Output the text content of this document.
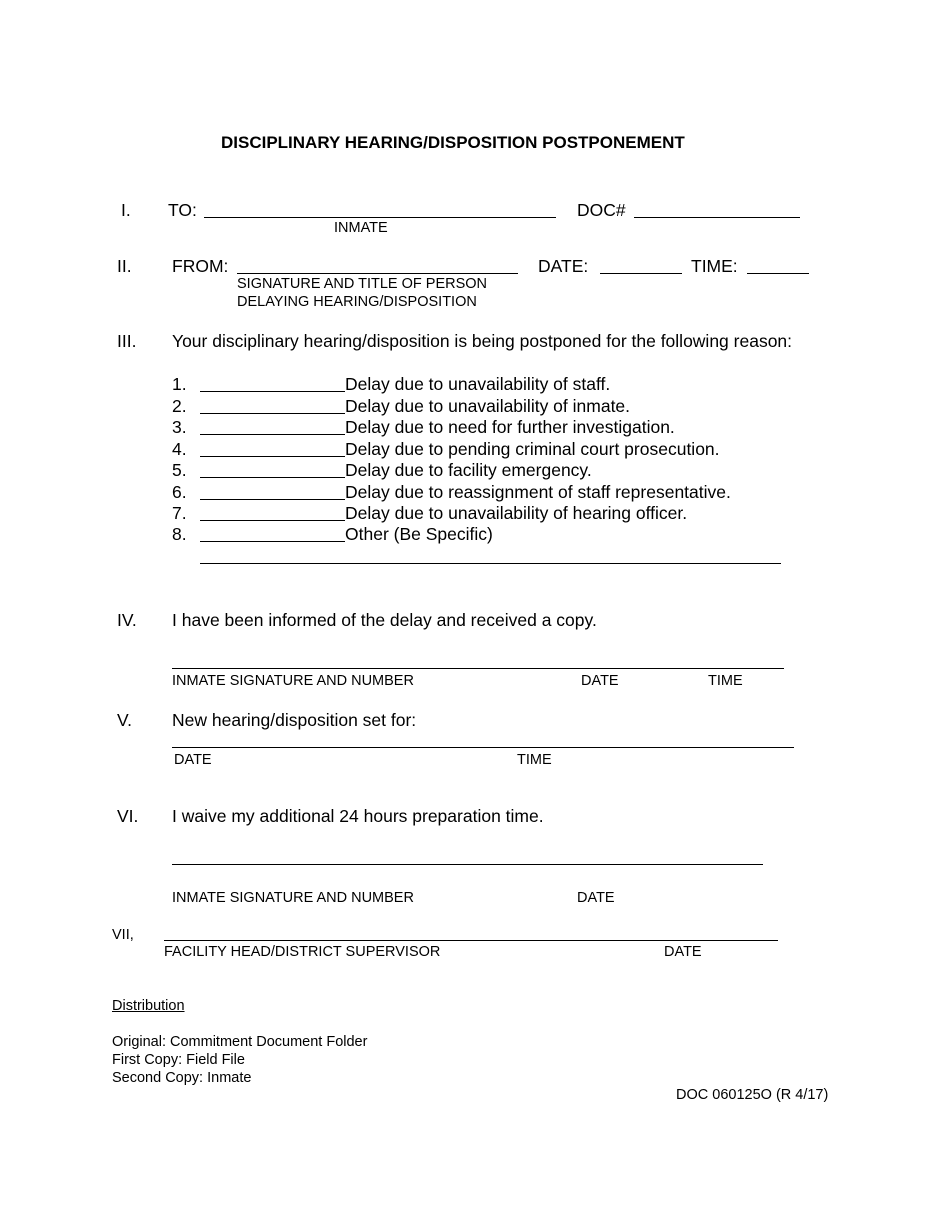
DISCIPLINARY HEARING/DISPOSITION POSTPONEMENT
I. TO:
INMATE
DOC#
II. FROM:
SIGNATURE AND TITLE OF PERSON
DELAYING HEARING/DISPOSITION
DATE:	TIME:
III. Your disciplinary hearing/disposition is being postponed for the following reason:
1.	Delay due to unavailability of staff.
2.	Delay due to unavailability of inmate.
3.	Delay due to need for further investigation.
4.	Delay due to pending criminal court prosecution.
5.	Delay due to facility emergency.
6.	Delay due to reassignment of staff representative.
7.	Delay due to unavailability of hearing officer.
8.	Other (Be Specific)
IV. I have been informed of the delay and received a copy.
INMATE SIGNATURE AND NUMBER	DATE	TIME
V. New hearing/disposition set for:
DATE	TIME
VI. I waive my additional 24 hours preparation time.
INMATE SIGNATURE AND NUMBER	DATE
VII,
FACILITY HEAD/DISTRICT SUPERVISOR	DATE
Distribution
Original: Commitment Document Folder
First Copy: Field File
Second Copy: Inmate
DOC 060125O (R 4/17)
